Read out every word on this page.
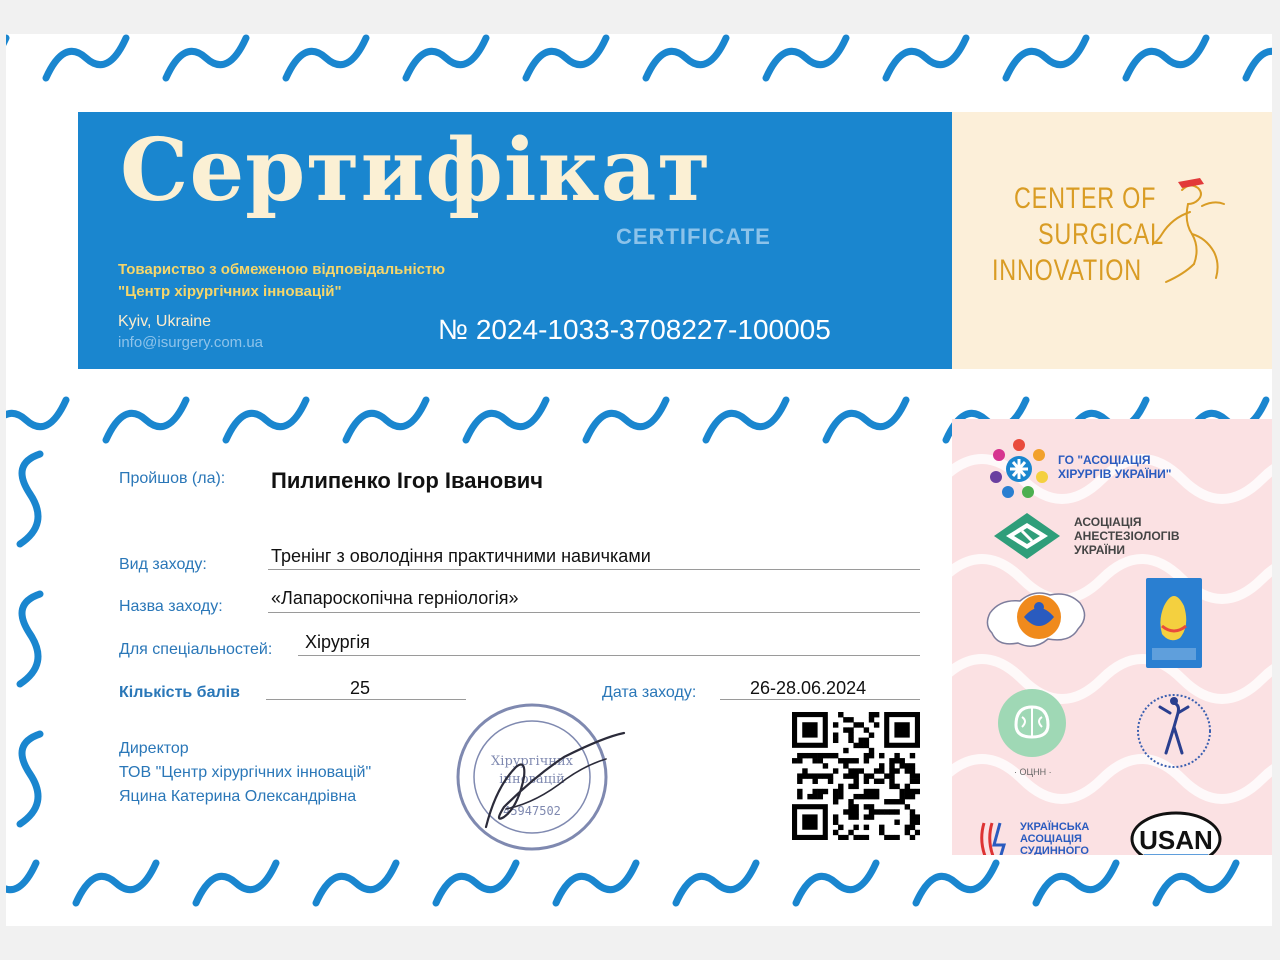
Сертифікат
CERTIFICATE
Товариство з обмеженою відповідальністю
"Центр хірургічних інновацій"
Kyiv, Ukraine
info@isurgery.com.ua	№ 2024-1033-3708227-100005
CENTER OF
SURGICAL
INNOVATION
ГО "АСОЦІАЦІЯ
ХІРУРГІВ УКРАЇНИ"
АСОЦІАЦІЯ
АНЕСТЕЗІОЛОГІВ
УКРАЇНИ
· ОЦНН ·
УКРАЇНСЬКА
АСОЦІАЦІЯ
СУДИННОГО USAN
Пройшов (ла): Пилипенко Ігор Іванович
Вид заходу:	Тренінг з оволодіння практичними навичками
Назва заходу:	«Лапароскопічна герніологія»
Для спеціальностей: Хірургія
Кількість балів	25	Дата заходу:	26-28.06.2024
Директор
ТОВ "Центр хірургічних інновацій"
Яцина Катерина Олександрівна
Хірургічних
інновацій
45947502
